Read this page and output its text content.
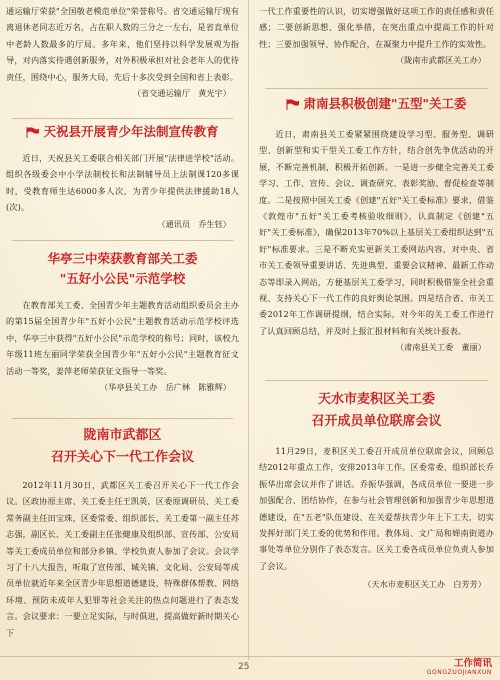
通运输厅荣获"全国敬老模范单位"荣誉称号。省交通运输厅现有离退休老同志近万名，占在职人数的三分之一左右，是省直单位中老龄人数最多的厅局。多年来，他们坚持以科学发展观为指导，对内落实待遇创新服务，对外积极承担对社会老年人的优待责任，围绕中心，服务大局，先后十多次受到全国和省上表彰。

（省交通运输厅　黄光宇）

天祝县开展青少年法制宣传教育

近日，天祝县关工委联合相关部门开展"法律进学校"活动。组织各级委会中小学法制校长和法制辅导员上法制课120多课时，受教育师生达6000多人次，为青少年提供法律援助18人(次)。

（通讯员　乔生钰）

华亭三中荣获教育部关工委
"五好小公民"示范学校

在教育部关工委、全国青少年主题教育活动组织委员会主办的第15届全国青少年"五好小公民"主题教育活动示范学校评选中，华亭三中获得"五好小公民"示范学校的称号；同时，该校九年级11班左丽同学荣获全国青少年"五好小公民"主题教育征文活动一等奖，姜萍老师荣获征文指导一等奖。

（华亭县关工办　岳广林　陈雅辉）

陇南市武都区
召开关心下一代工作会议

2012年11月30日，武都区关工委召开关心下一代工作会议。区政协原主席、关工委主任王凯英，区委原调研员、关工委常务副主任田宝珠，区委常委、组织部长、关工委第一副主任苏志强，副区长、关工委副主任张健康及组织部、宣传部、公安局等关工委成员单位和部分乡镇、学校负责人参加了会议。会议学习了十八大报告，听取了宣传部、城关镇、文化局、公安局等成员单位就近年来全区青少年思想道德建设、特殊群体帮教、网络环境、预防未成年人犯罪等社会关注的热点问题进行了表态发言。会议要求：一要立足实际，与时俱进，提高做好新时期关心下

一代工作重要性的认识，切实增强做好这项工作的责任感和责任感；二要创新思想、强化举措，在突出重点中提高工作的针对性；三要加强领导、协作配合，在凝聚力中提升工作的实效性。

（陇南市武都区关工办）

肃南县积极创建"五型"关工委

近日，肃南县关工委紧紧围绕建设学习型、服务型、调研型、创新型和实干型关工委工作方针，结合创先争优活动的开展，不断完善机制，积极开拓创新。一是进一步健全完善关工委学习、工作、宣传、会议、调查研究、表彰奖励、督促检查等制度。二是按照中国关工委《创建"五好"关工委标准》要求，借鉴《敦煌市"五好"关工委考核验收细则》，认真制定《创建"五好"关工委标准》，确保2013年70%以上基层关工委组织达到"五好"标准要求。三是不断充实更新关工委网站内容，对中央、省市关工委领导重要讲话、先进典型、重要会议精神、最新工作动态等即录入网站，方便基层关工委学习，同时积极借鉴全社会重视、支持关心下一代工作的良好舆论氛围。四是结合省、市关工委2012年工作调研提纲，结合实际，对今年的关工委工作进行了认真回顾总结，并及时上报汇报材料和有关统计报表。

（肃南县关工委　董丽）

天水市麦积区关工委
召开成员单位联席会议

11月29日，麦积区关工委召开成员单位联席会议，回顾总结2012年重点工作，安排2013年工作。区委常委、组织部长乔振华出席会议并作了讲话。乔振华强调，各成员单位一要进一步加强配合、团结协作，在参与社会管理创新和加强青少年思想道德建设，在"五老"队伍建设、在关爱帮扶青少年上下工夫，切实发挥好部门关工委的优势和作用。教体局、文广局和婵南街道办事处等单位分别作了表态发言。区关工委各成员单位负责人参加了会议。

（天水市麦积区关工办　白芳芳）

25	工作简讯
GONGZUOJIANXUN
